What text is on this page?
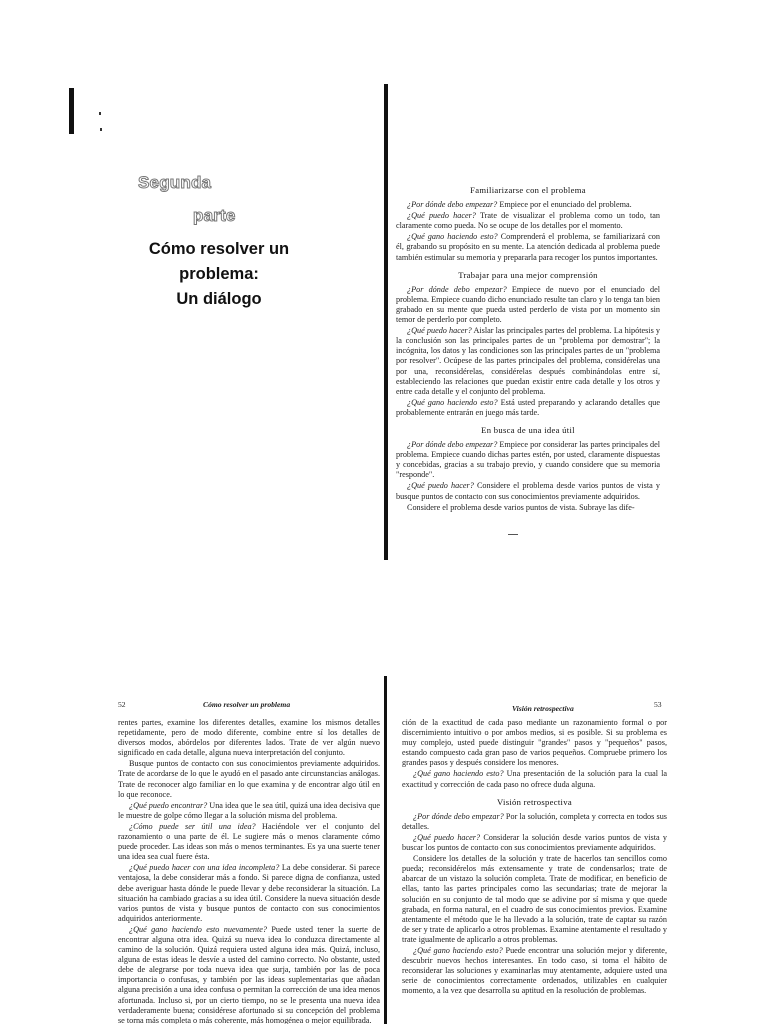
Segunda
parte
Cómo resolver un
problema:
Un diálogo
Familiarizarse con el problema

¿Por dónde debo empezar? Empiece por el enunciado del problema.

¿Qué puedo hacer? Trate de visualizar el problema como un todo, tan claramente como pueda. No se ocupe de los detalles por el momento.

¿Qué gano haciendo esto? Comprenderá el problema, se familiarizará con él, grabando su propósito en su mente. La atención dedicada al problema puede también estimular su memoria y prepararla para recoger los puntos importantes.

Trabajar para una mejor comprensión

¿Por dónde debo empezar? Empiece de nuevo por el enunciado del problema. Empiece cuando dicho enunciado resulte tan claro y lo tenga tan bien grabado en su mente que pueda usted perderlo de vista por un momento sin temor de perderlo por completo.

¿Qué puedo hacer? Aislar las principales partes del problema. La hipótesis y la conclusión son las principales partes de un "problema por demostrar"; la incógnita, los datos y las condiciones son las principales partes de un "problema por resolver". Ocúpese de las partes principales del problema, considérelas una por una, reconsidérelas, considérelas después combinándolas entre sí, estableciendo las relaciones que puedan existir entre cada detalle y los otros y entre cada detalle y el conjunto del problema.

¿Qué gano haciendo esto? Está usted preparando y aclarando detalles que probablemente entrarán en juego más tarde.

En busca de una idea útil

¿Por dónde debo empezar? Empiece por considerar las partes principales del problema. Empiece cuando dichas partes estén, por usted, claramente dispuestas y concebidas, gracias a su trabajo previo, y cuando considere que su memoria "responde".

¿Qué puedo hacer? Considere el problema desde varios puntos de vista y busque puntos de contacto con sus conocimientos previamente adquiridos.

Considere el problema desde varios puntos de vista. Subraye las dife-

52	Cómo resolver un problema

rentes partes, examine los diferentes detalles, examine los mismos detalles repetidamente, pero de modo diferente, combine entre sí los detalles de diversos modos, abórdelos por diferentes lados. Trate de ver algún nuevo significado en cada detalle, alguna nueva interpretación del conjunto.

Busque puntos de contacto con sus conocimientos previamente adquiridos. Trate de acordarse de lo que le ayudó en el pasado ante circunstancias análogas. Trate de reconocer algo familiar en lo que examina y de encontrar algo útil en lo que reconoce.

¿Qué puedo encontrar? Una idea que le sea útil, quizá una idea decisiva que le muestre de golpe cómo llegar a la solución misma del problema.

¿Cómo puede ser útil una idea? Haciéndole ver el conjunto del razonamiento o una parte de él. Le sugiere más o menos claramente cómo puede proceder. Las ideas son más o menos terminantes. Es ya una suerte tener una idea sea cual fuere ésta.

¿Qué puedo hacer con una idea incompleta? La debe considerar. Si parece ventajosa, la debe considerar más a fondo. Si parece digna de confianza, usted debe averiguar hasta dónde le puede llevar y debe reconsiderar la situación. La situación ha cambiado gracias a su idea útil. Considere la nueva situación desde varios puntos de vista y busque puntos de contacto con sus conocimientos adquiridos anteriormente.

¿Qué gano haciendo esto nuevamente? Puede usted tener la suerte de encontrar alguna otra idea. Quizá su nueva idea lo conduzca directamente al camino de la solución. Quizá requiera usted alguna idea más. Quizá, incluso, alguna de estas ideas le desvíe a usted del camino correcto. No obstante, usted debe de alegrarse por toda nueva idea que surja, también por las de poca importancia o confusas, y también por las ideas suplementarias que añadan alguna precisión a una idea confusa o permitan la corrección de una idea menos afortunada. Incluso si, por un cierto tiempo, no se le presenta una nueva idea verdaderamente buena; considérese afortunado si su concepción del problema se torna más completa o más coherente, más homogénea o mejor equilibrada.

Visión retrospectiva	53

ción de la exactitud de cada paso mediante un razonamiento formal o por discernimiento intuitivo o por ambos medios, si es posible. Si su problema es muy complejo, usted puede distinguir "grandes" pasos y "pequeños" pasos, estando compuesto cada gran paso de varios pequeños. Compruebe primero los grandes pasos y después considere los menores.

¿Qué gano haciendo esto? Una presentación de la solución para la cual la exactitud y corrección de cada paso no ofrece duda alguna.

Visión retrospectiva

¿Por dónde debo empezar? Por la solución, completa y correcta en todos sus detalles.

¿Qué puedo hacer? Considerar la solución desde varios puntos de vista y buscar los puntos de contacto con sus conocimientos previamente adquiridos.

Considere los detalles de la solución y trate de hacerlos tan sencillos como pueda; reconsidérelos más extensamente y trate de condensarlos; trate de abarcar de un vistazo la solución completa. Trate de modificar, en beneficio de ellas, tanto las partes principales como las secundarias; trate de mejorar la solución en su conjunto de tal modo que se adivine por sí misma y que quede grabada, en forma natural, en el cuadro de sus conocimientos previos. Examine atentamente el método que le ha llevado a la solución, trate de captar su razón de ser y trate de aplicarlo a otros problemas. Examine atentamente el resultado y trate igualmente de aplicarlo a otros problemas.

¿Qué gano haciendo esto? Puede encontrar una solución mejor y diferente, descubrir nuevos hechos interesantes. En todo caso, si toma el hábito de reconsiderar las soluciones y examinarlas muy atentamente, adquiere usted una serie de conocimientos correctamente ordenados, utilizables en cualquier momento, a la vez que desarrolla su aptitud en la resolución de problemas.
